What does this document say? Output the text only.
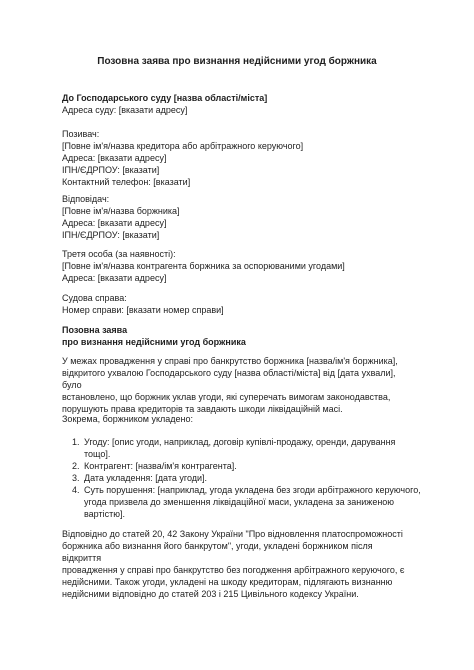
Позовна заява про визнання недійсними угод боржника

До Господарського суду [назва області/міста]

Адреса суду: [вказати адресу]

Позивач:

[Повне ім'я/назва кредитора або арбітражного керуючого]

Адреса: [вказати адресу]

ІПН/ЄДРПОУ: [вказати]

Контактний телефон: [вказати]

Відповідач:

[Повне ім'я/назва боржника]

Адреса: [вказати адресу]

ІПН/ЄДРПОУ: [вказати]

Третя особа (за наявності):

[Повне ім'я/назва контрагента боржника за оспорюваними угодами]

Адреса: [вказати адресу]

Судова справа:

Номер справи: [вказати номер справи]

Позовна заява

про визнання недійсними угод боржника

У межах провадження у справі про банкрутство боржника [назва/ім'я боржника],
відкритого ухвалою Господарського суду [назва області/міста] від [дата ухвали], було
встановлено, що боржник уклав угоди, які суперечать вимогам законодавства,
порушують права кредиторів та завдають шкоди ліквідаційній масі.
Зокрема, боржником укладено:
1. Угоду: [опис угоди, наприклад, договір купівлі-продажу, оренди, дарування
тощо].
2. Контрагент: [назва/ім'я контрагента].
3. Дата укладення: [дата угоди].
4. Суть порушення: [наприклад, угода укладена без згоди арбітражного керуючого,
угода призвела до зменшення ліквідаційної маси, укладена за заниженою
вартістю].
Відповідно до статей 20, 42 Закону України "Про відновлення платоспроможності
боржника або визнання його банкрутом", угоди, укладені боржником після відкриття
провадження у справі про банкрутство без погодження арбітражного керуючого, є
недійсними. Також угоди, укладені на шкоду кредиторам, підлягають визнанню
недійсними відповідно до статей 203 і 215 Цивільного кодексу України.
